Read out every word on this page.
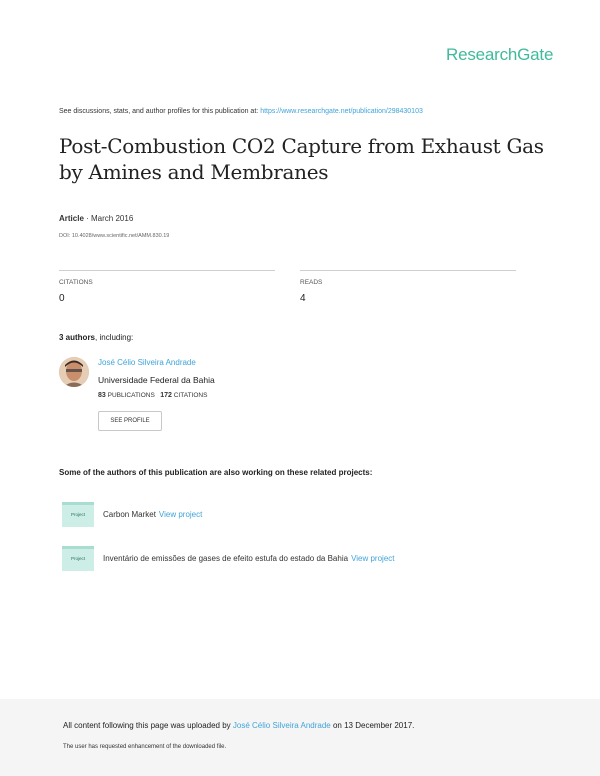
ResearchGate
See discussions, stats, and author profiles for this publication at: https://www.researchgate.net/publication/298430103
Post-Combustion CO2 Capture from Exhaust Gas
by Amines and Membranes
Article · March 2016
DOI: 10.4028/www.scientific.net/AMM.830.19
CITATIONS
0
READS
4
3 authors, including:
José Célio Silveira Andrade
Universidade Federal da Bahia
83 PUBLICATIONS 172 CITATIONS
SEE PROFILE
Some of the authors of this publication are also working on these related projects:
Project	Carbon Market View project
Project	Inventário de emissões de gases de efeito estufa do estado da Bahia View project
All content following this page was uploaded by José Célio Silveira Andrade on 13 December 2017.
The user has requested enhancement of the downloaded file.
